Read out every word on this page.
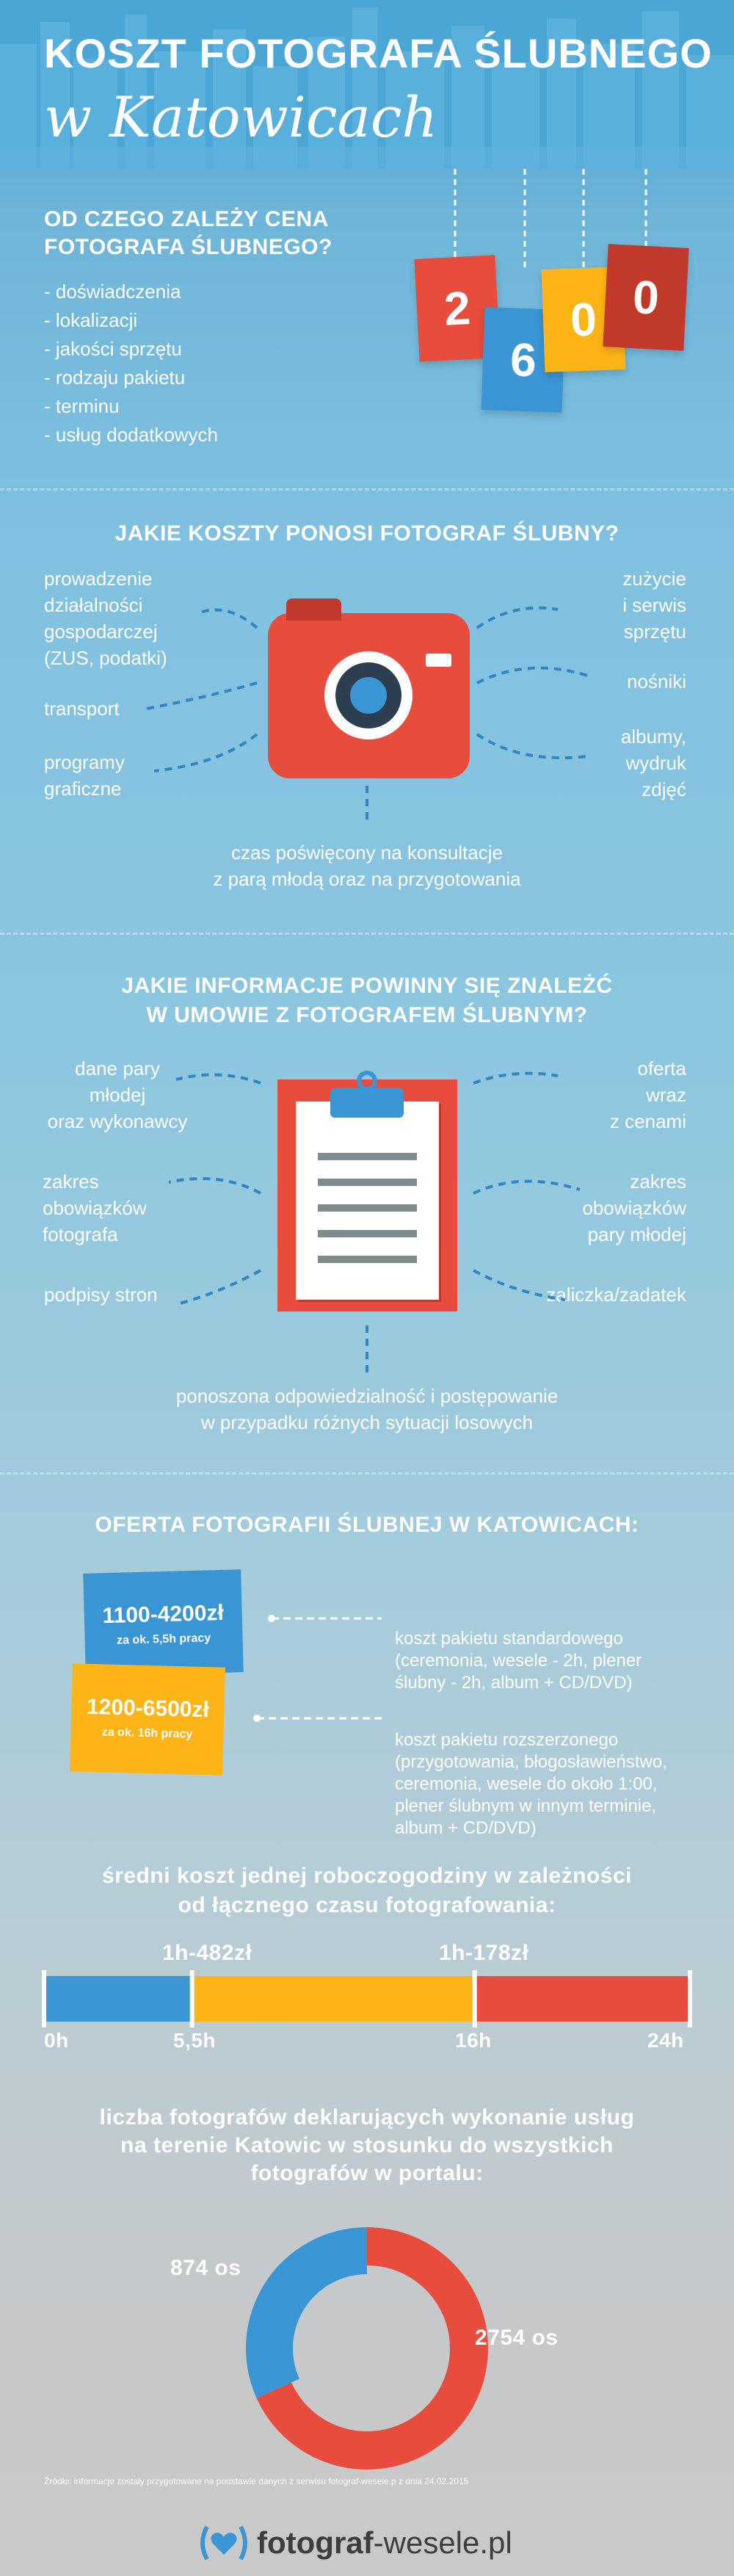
KOSZT FOTOGRAFA ŚLUBNEGO
w Katowicach
OD CZEGO ZALEŻY CENA
FOTOGRAFA ŚLUBNEGO?
- doświadczenia
- lokalizacji
- jakości sprzętu
- rodzaju pakietu
- terminu
- usług dodatkowych
2
6
0 0
JAKIE KOSZTY PONOSI FOTOGRAF ŚLUBNY?
prowadzenie
działalności
gospodarczej
(ZUS, podatki)
transport
programy
graficzne
zużycie
i serwis
sprzętu
nośniki
albumy,
wydruk
zdjęć
czas poświęcony na konsultacje
z parą młodą oraz na przygotowania
JAKIE INFORMACJE POWINNY SIĘ ZNALEŻĆ
W UMOWIE Z FOTOGRAFEM ŚLUBNYM?
dane pary
młodej
oraz wykonawcy
zakres
obowiązków
fotografa
podpisy stron
oferta
wraz
z cenami
zakres
obowiązków
pary młodej
zaliczka/zadatek
ponoszona odpowiedzialność i postępowanie
w przypadku różnych sytuacji losowych
OFERTA FOTOGRAFII ŚLUBNEJ W KATOWICACH:
1100-4200zł
za ok. 5,5h pracy
1200-6500zł
za ok. 16h pracy

koszt pakietu standardowego
(ceremonia, wesele - 2h, plener
ślubny - 2h, album + CD/DVD)

koszt pakietu rozszerzonego
(przygotowania, błogosławieństwo,
ceremonia, wesele do około 1:00,
plener ślubnym w innym terminie,
album + CD/DVD)

średni koszt jednej roboczogodziny w zależności
od łącznego czasu fotografowania:
1h-482zł	1h-178zł
0h	5,5h	16h	24h
liczba fotografów deklarujących wykonanie usług
na terenie Katowic w stosunku do wszystkich
fotografów w portalu:
874 os
2754 os
Źródło: informacje zostały przygotowane na podstawie danych z serwisu fotograf-wesele.p z dnia 24.02.2015
fotograf-wesele.pl
